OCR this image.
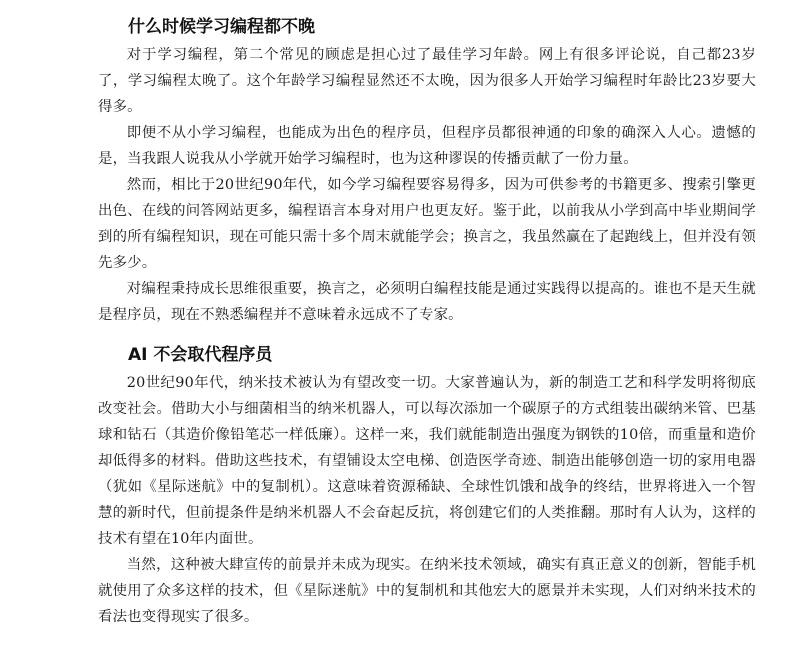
什么时候学习编程都不晚

对于学习编程，第二个常见的顾虑是担心过了最佳学习年龄。网上有很多评论说，自己都23岁了，学习编程太晚了。这个年龄学习编程显然还不太晚，因为很多人开始学习编程时年龄比23岁要大得多。

即便不从小学习编程，也能成为出色的程序员，但程序员都很神通的印象的确深入人心。遗憾的是，当我跟人说我从小学就开始学习编程时，也为这种谬误的传播贡献了一份力量。

然而，相比于20世纪90年代，如今学习编程要容易得多，因为可供参考的书籍更多、搜索引擎更出色、在线的问答网站更多，编程语言本身对用户也更友好。鉴于此，以前我从小学到高中毕业期间学到的所有编程知识，现在可能只需十多个周末就能学会；换言之，我虽然赢在了起跑线上，但并没有领先多少。

对编程秉持成长思维很重要，换言之，必须明白编程技能是通过实践得以提高的。谁也不是天生就是程序员，现在不熟悉编程并不意味着永远成不了专家。

AI 不会取代程序员

20世纪90年代，纳米技术被认为有望改变一切。大家普遍认为，新的制造工艺和科学发明将彻底改变社会。借助大小与细菌相当的纳米机器人，可以每次添加一个碳原子的方式组装出碳纳米管、巴基球和钻石（其造价像铅笔芯一样低廉）。这样一来，我们就能制造出强度为钢铁的10倍，而重量和造价却低得多的材料。借助这些技术，有望铺设太空电梯、创造医学奇迹、制造出能够创造一切的家用电器（犹如《星际迷航》中的复制机）。这意味着资源稀缺、全球性饥饿和战争的终结，世界将进入一个智慧的新时代，但前提条件是纳米机器人不会奋起反抗，将创建它们的人类推翻。那时有人认为，这样的技术有望在10年内面世。

当然，这种被大肆宣传的前景并未成为现实。在纳米技术领域，确实有真正意义的创新，智能手机就使用了众多这样的技术，但《星际迷航》中的复制机和其他宏大的愿景并未实现，人们对纳米技术的看法也变得现实了很多。
